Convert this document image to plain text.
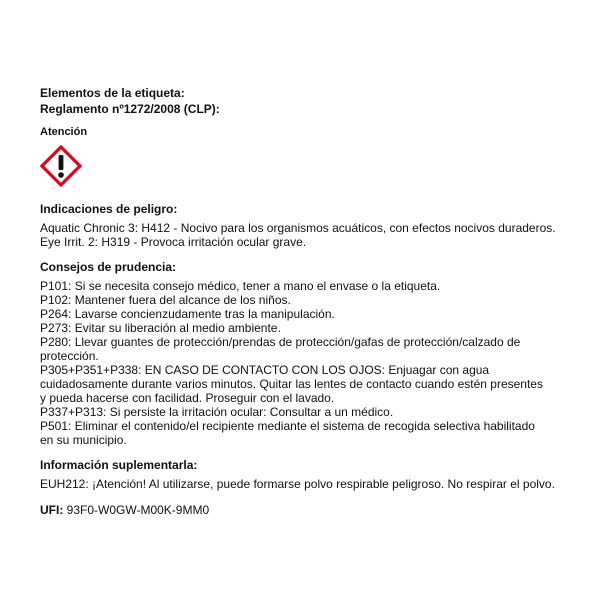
Elementos de la etiqueta:

Reglamento nº1272/2008 (CLP):

Atención

Indicaciones de peligro:

Aquatic Chronic 3: H412 - Nocivo para los organismos acuáticos, con efectos nocivos duraderos.
Eye Irrit. 2: H319 - Provoca irritación ocular grave.

Consejos de prudencia:

P101: Si se necesita consejo médico, tener a mano el envase o la etiqueta.
P102: Mantener fuera del alcance de los niños.
P264: Lavarse concienzudamente tras la manipulación.
P273: Evitar su liberación al medio ambiente.
P280: Llevar guantes de protección/prendas de protección/gafas de protección/calzado de
protección.
P305+P351+P338: EN CASO DE CONTACTO CON LOS OJOS: Enjuagar con agua
cuidadosamente durante varios minutos. Quitar las lentes de contacto cuando estén presentes
y pueda hacerse con facilidad. Proseguir con el lavado.
P337+P313: Si persiste la irritación ocular: Consultar a un médico.
P501: Eliminar el contenido/el recipiente mediante el sistema de recogida selectiva habilitado
en su municipio.

Información suplementarla:

EUH212: ¡Atención! Al utilizarse, puede formarse polvo respirable peligroso. No respirar el polvo.
UFI: 93F0-W0GW-M00K-9MM0
